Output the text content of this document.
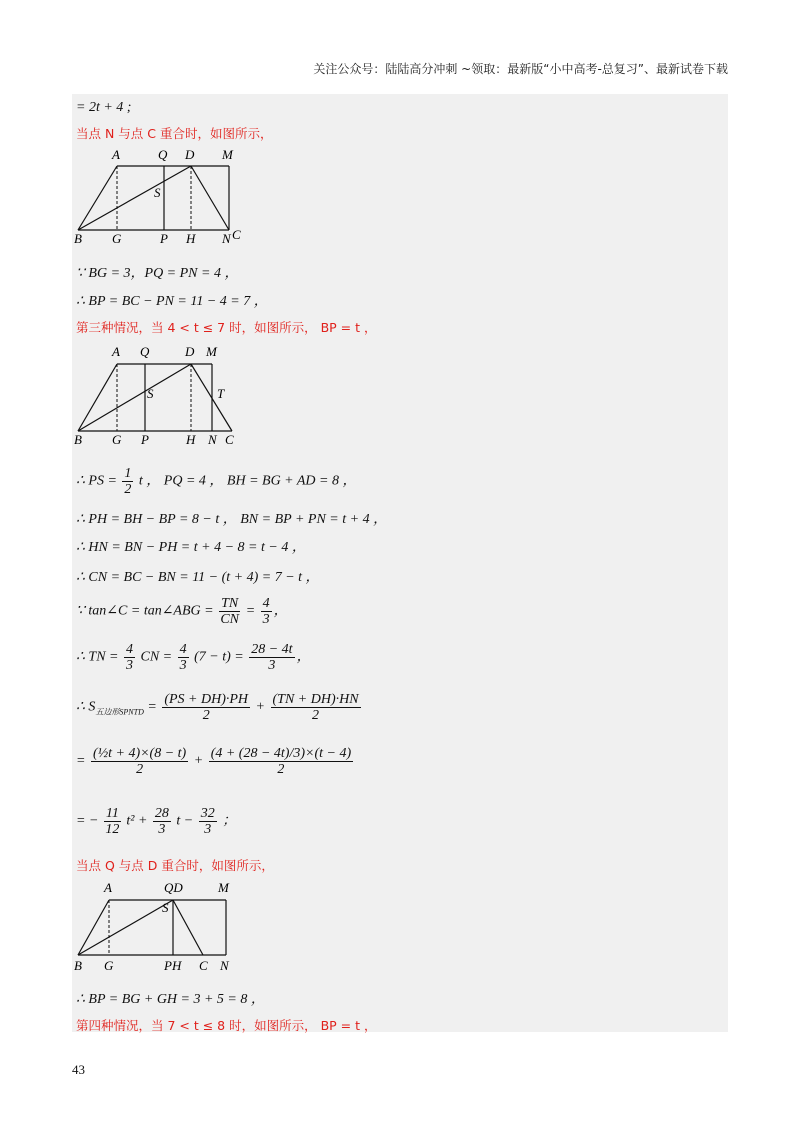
关注公众号：陆陆高分冲刺 ~领取：最新版“小中高考-总复习”、最新试卷下载
= 2t + 4 ;
当点 N 与点 C 重合时，如图所示，
A	Q D M
S
B G	P H N C
∵ BG = 3，PQ = PN = 4 ，
∴ BP = BC − PN = 11 − 4 = 7 ，
第三种情况，当 4 < t ≤ 7 时，如图所示， BP = t ，
A Q	D M
S	T
B G P	H N C
∴ PS = $\frac{1}{2}$ t ， PQ = 4 ， BH = BG + AD = 8 ，
∴ PH = BH − BP = 8 − t ， BN = BP + PN = t + 4 ，
∴ HN = BN − PH = t + 4 − 8 = t − 4 ，
∴ CN = BC − BN = 11 − (t + 4) = 7 − t ，
∵ tan∠C = tan∠ABG = $\frac{TN}{CN} = \frac{4}{3}$ ，
∴ TN = $\frac{4}{3}$ CN = $\frac{4}{3} (7 - t) = \frac{28 - 4t}{3}$ ，
∴ $S_{五边形SPNTD} = \frac{(PS + DH)\cdot PH}{2} + \frac{(TN + DH)\cdot HN}{2}$
= $\frac{\text{(½t + 4)×(8 − t)}}{2} + \frac{(4 + (28 - 4t)/3)\times(t - 4)}{2}$
= − $\frac{11}{12} t^2 + \frac{28}{3}$ $t - \frac{32}{3}$ ；
当点 Q 与点 D 重合时，如图所示，
A	QD	M
S
B G	PH C N
∴ BP = BG + GH = 3 + 5 = 8 ，
第四种情况，当 7 < t ≤ 8 时，如图所示， BP = t ，
43
